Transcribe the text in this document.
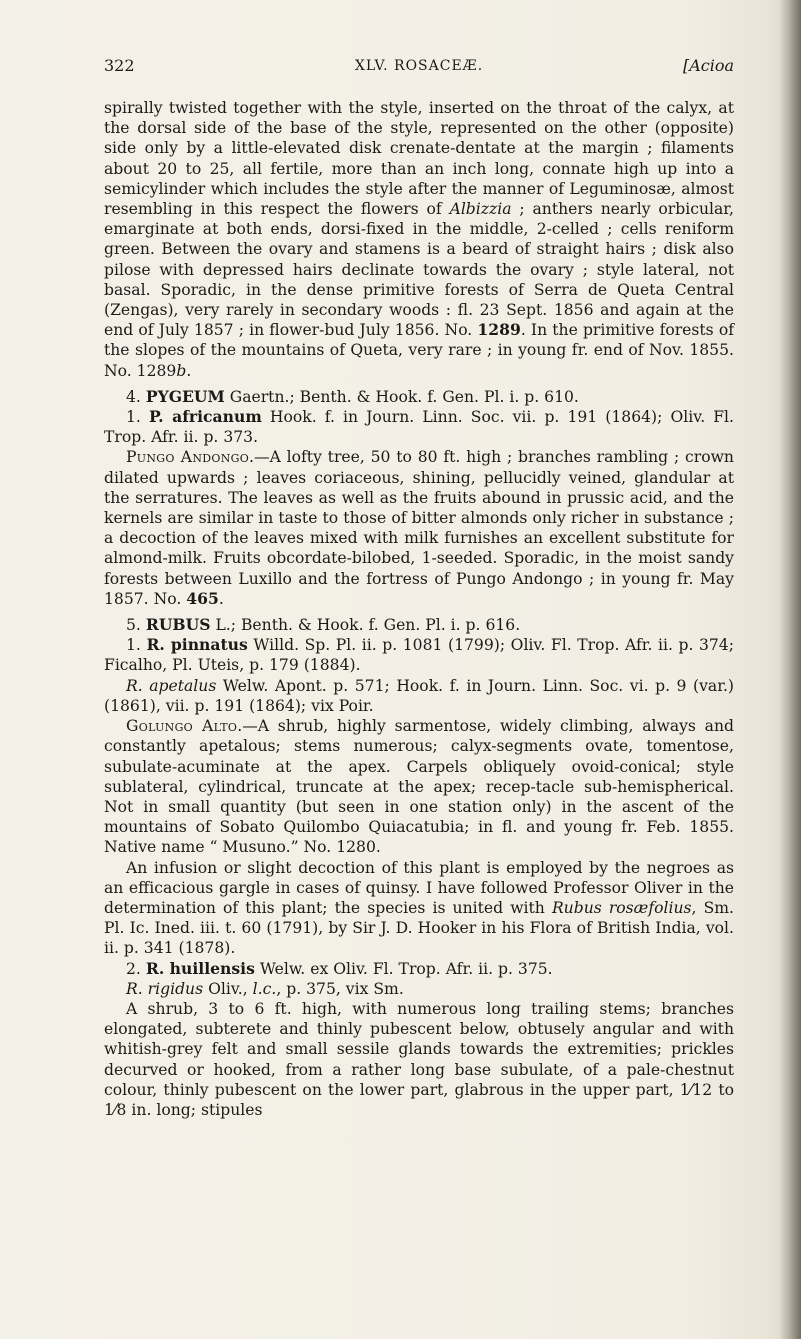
322	XLV. ROSACEÆ.	[Acioa

spirally twisted together with the style, inserted on the throat of the calyx, at the dorsal side of the base of the style, represented on the other (opposite) side only by a little-elevated disk crenate-dentate at the margin ; filaments about 20 to 25, all fertile, more than an inch long, connate high up into a semicylinder which includes the style after the manner of Leguminosæ, almost resembling in this respect the flowers of Albizzia ; anthers nearly orbicular, emarginate at both ends, dorsi-fixed in the middle, 2-celled ; cells reniform green. Between the ovary and stamens is a beard of straight hairs ; disk also pilose with depressed hairs declinate towards the ovary ; style lateral, not basal. Sporadic, in the dense primitive forests of Serra de Queta Central (Zengas), very rarely in secondary woods : fl. 23 Sept. 1856 and again at the end of July 1857 ; in flower-bud July 1856. No. 1289. In the primitive forests of the slopes of the mountains of Queta, very rare ; in young fr. end of Nov. 1855. No. 1289b.

4. PYGEUM Gaertn.; Benth. & Hook. f. Gen. Pl. i. p. 610.

1. P. africanum Hook. f. in Journ. Linn. Soc. vii. p. 191 (1864); Oliv. Fl. Trop. Afr. ii. p. 373.

Pungo Andongo.—A lofty tree, 50 to 80 ft. high ; branches rambling ; crown dilated upwards ; leaves coriaceous, shining, pellucidly veined, glandular at the serratures. The leaves as well as the fruits abound in prussic acid, and the kernels are similar in taste to those of bitter almonds only richer in substance ; a decoction of the leaves mixed with milk furnishes an excellent substitute for almond-milk. Fruits obcordate-bilobed, 1-seeded. Sporadic, in the moist sandy forests between Luxillo and the fortress of Pungo Andongo ; in young fr. May 1857. No. 465.

5. RUBUS L.; Benth. & Hook. f. Gen. Pl. i. p. 616.

1. R. pinnatus Willd. Sp. Pl. ii. p. 1081 (1799); Oliv. Fl. Trop. Afr. ii. p. 374; Ficalho, Pl. Uteis, p. 179 (1884).

R. apetalus Welw. Apont. p. 571; Hook. f. in Journ. Linn. Soc. vi. p. 9 (var.) (1861), vii. p. 191 (1864); vix Poir.

Golungo Alto.—A shrub, highly sarmentose, widely climbing, always and constantly apetalous; stems numerous; calyx-segments ovate, tomentose, subulate-acuminate at the apex. Carpels obliquely ovoid-conical; style sublateral, cylindrical, truncate at the apex; recep-tacle sub-hemispherical. Not in small quantity (but seen in one station only) in the ascent of the mountains of Sobato Quilombo Quiacatubia; in fl. and young fr. Feb. 1855. Native name “ Musuno.” No. 1280.

An infusion or slight decoction of this plant is employed by the negroes as an efficacious gargle in cases of quinsy. I have followed Professor Oliver in the determination of this plant; the species is united with Rubus rosæfolius, Sm. Pl. Ic. Ined. iii. t. 60 (1791), by Sir J. D. Hooker in his Flora of British India, vol. ii. p. 341 (1878).

2. R. huillensis Welw. ex Oliv. Fl. Trop. Afr. ii. p. 375.

R. rigidus Oliv., l.c., p. 375, vix Sm.

A shrub, 3 to 6 ft. high, with numerous long trailing stems; branches elongated, subterete and thinly pubescent below, obtusely angular and with whitish-grey felt and small sessile glands towards the extremities; prickles decurved or hooked, from a rather long base subulate, of a pale-chestnut colour, thinly pubescent on the lower part, glabrous in the upper part, 1⁄12 to 1⁄8 in. long; stipules
